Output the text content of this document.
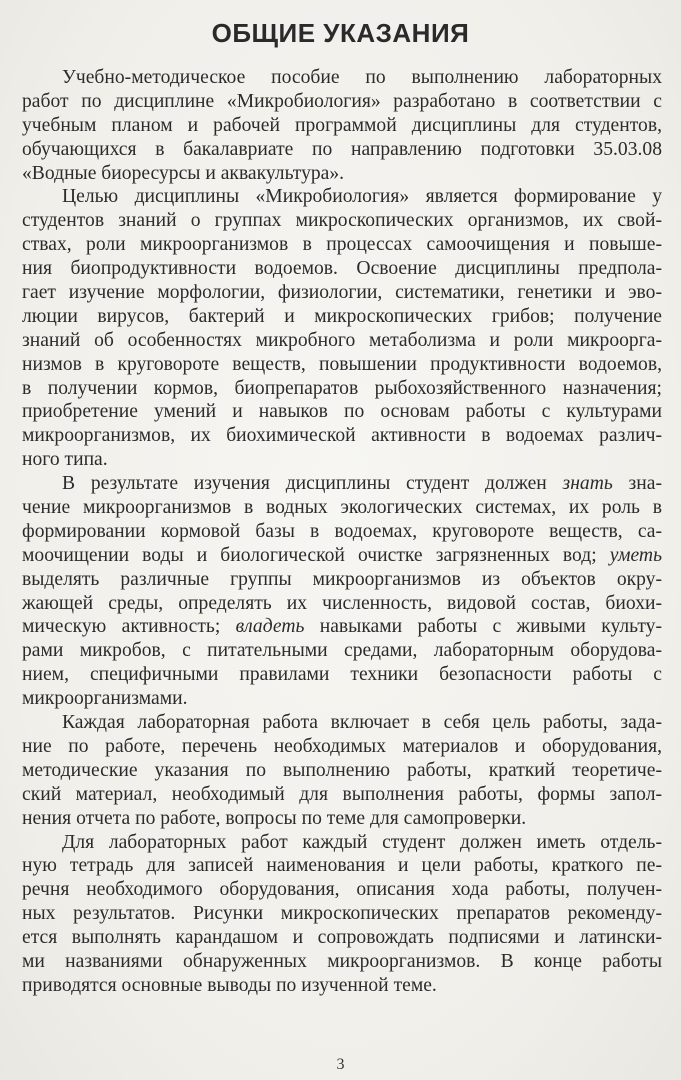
ОБЩИЕ УКАЗАНИЯ

Учебно-методическое пособие по выполнению лабораторных
работ по дисциплине «Микробиология» разработано в соответствии с
учебным планом и рабочей программой дисциплины для студентов,
обучающихся в бакалавриате по направлению подготовки 35.03.08
«Водные биоресурсы и аквакультура».

Целью дисциплины «Микробиология» является формирование у
студентов знаний о группах микроскопических организмов, их свой-
ствах, роли микроорганизмов в процессах самоочищения и повыше-
ния биопродуктивности водоемов. Освоение дисциплины предпола-
гает изучение морфологии, физиологии, систематики, генетики и эво-
люции вирусов, бактерий и микроскопических грибов; получение
знаний об особенностях микробного метаболизма и роли микроорга-
низмов в круговороте веществ, повышении продуктивности водоемов,
в получении кормов, биопрепаратов рыбохозяйственного назначения;
приобретение умений и навыков по основам работы с культурами
микроорганизмов, их биохимической активности в водоемах различ-
ного типа.

В результате изучения дисциплины студент должен знать зна-
чение микроорганизмов в водных экологических системах, их роль в
формировании кормовой базы в водоемах, круговороте веществ, са-
моочищении воды и биологической очистке загрязненных вод; уметь
выделять различные группы микроорганизмов из объектов окру-
жающей среды, определять их численность, видовой состав, биохи-
мическую активность; владеть навыками работы с живыми культу-
рами микробов, с питательными средами, лабораторным оборудова-
нием, специфичными правилами техники безопасности работы с
микроорганизмами.

Каждая лабораторная работа включает в себя цель работы, зада-
ние по работе, перечень необходимых материалов и оборудования,
методические указания по выполнению работы, краткий теоретиче-
ский материал, необходимый для выполнения работы, формы запол-
нения отчета по работе, вопросы по теме для самопроверки.

Для лабораторных работ каждый студент должен иметь отдель-
ную тетрадь для записей наименования и цели работы, краткого пе-
речня необходимого оборудования, описания хода работы, получен-
ных результатов. Рисунки микроскопических препаратов рекоменду-
ется выполнять карандашом и сопровождать подписями и латински-
ми названиями обнаруженных микроорганизмов. В конце работы
приводятся основные выводы по изученной теме.

3
